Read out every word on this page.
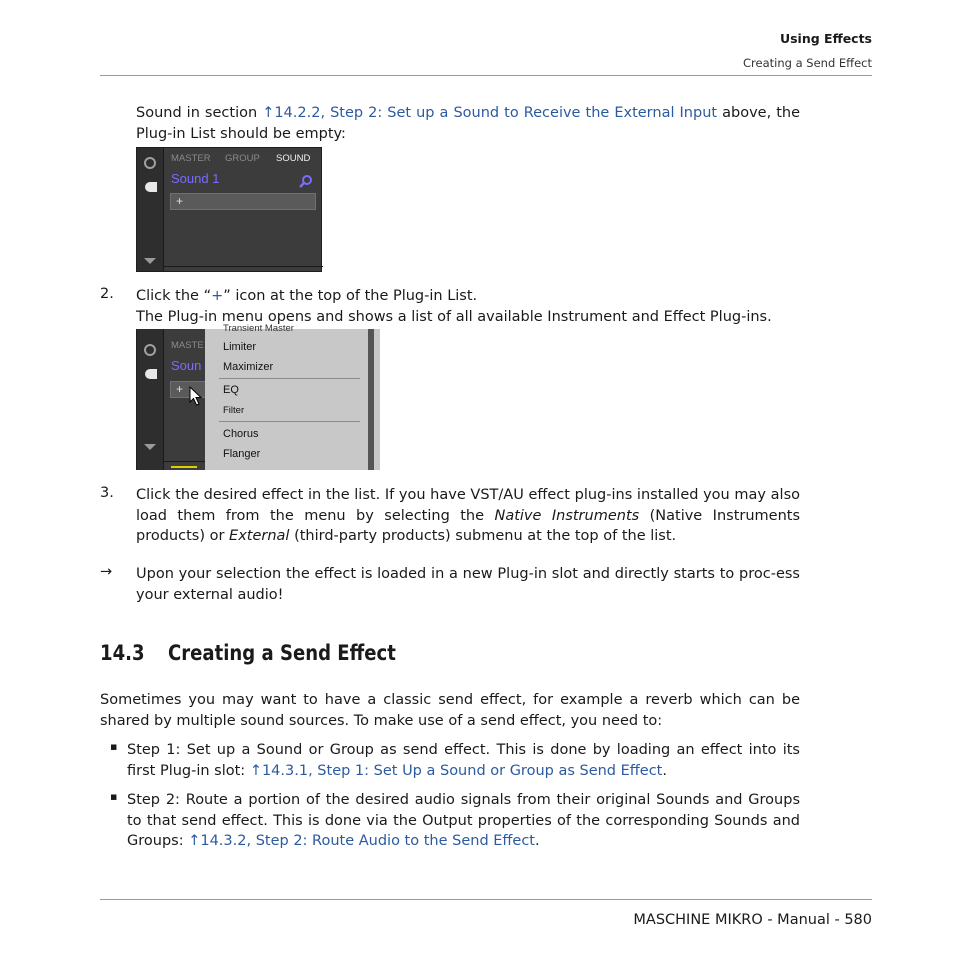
Using Effects
Creating a Send Effect
Sound in section ↑14.2.2, Step 2: Set up a Sound to Receive the External Input above, the Plug-in List should be empty:
MASTER GROUP SOUND
Sound 1
+
2. Click the “+” icon at the top of the Plug-in List.
The Plug-in menu opens and shows a list of all available Instrument and Effect Plug-ins.
MASTE
Soun
+
Transient Master
Limiter
Maximizer
EQ
Filter
Chorus
Flanger
3. Click the desired effect in the list. If you have VST/AU effect plug-ins installed you may also load them from the menu by selecting the Native Instruments (Native Instruments products) or External (third-party products) submenu at the top of the list.
→ Upon your selection the effect is loaded in a new Plug-in slot and directly starts to proc-ess your external audio!
14.3 Creating a Send Effect
Sometimes you may want to have a classic send effect, for example a reverb which can be shared by multiple sound sources. To make use of a send effect, you need to:
▪ Step 1: Set up a Sound or Group as send effect. This is done by loading an effect into its first Plug-in slot: ↑14.3.1, Step 1: Set Up a Sound or Group as Send Effect.
▪ Step 2: Route a portion of the desired audio signals from their original Sounds and Groups to that send effect. This is done via the Output properties of the corresponding Sounds and Groups: ↑14.3.2, Step 2: Route Audio to the Send Effect.
MASCHINE MIKRO - Manual - 580
